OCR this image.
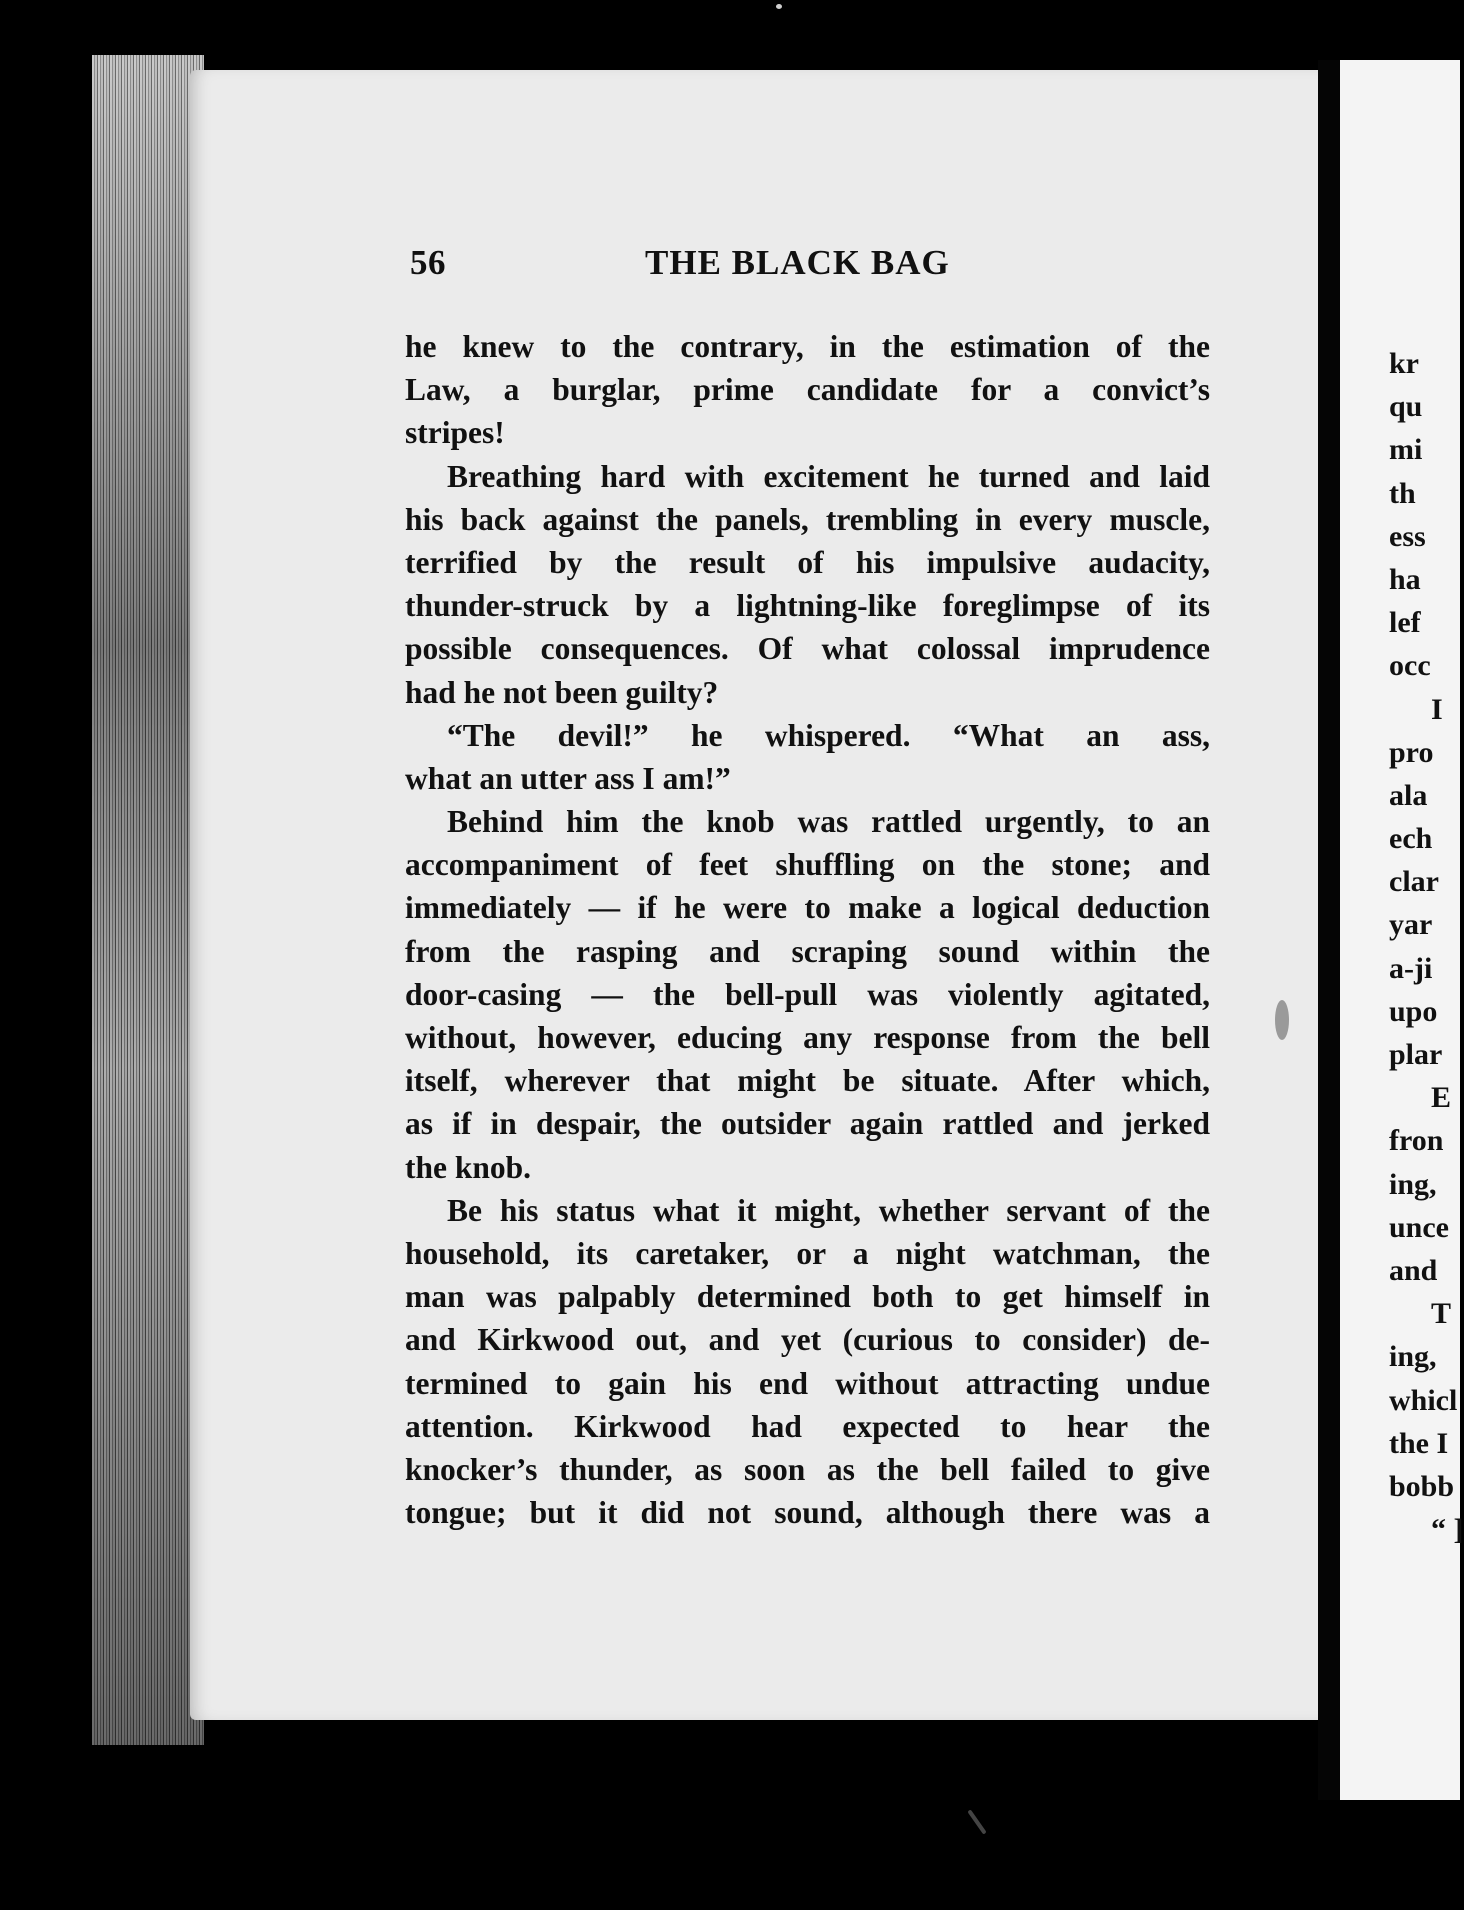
56	THE BLACK BAG
he knew to the contrary, in the estimation of the
Law, a burglar, prime candidate for a convict’s
stripes!
Breathing hard with excitement he turned and laid
his back against the panels, trembling in every muscle,
terrified by the result of his impulsive audacity,
thunder-struck by a lightning-like foreglimpse of its
possible consequences. Of what colossal imprudence
had he not been guilty?
“The devil!” he whispered. “What an ass,
what an utter ass I am!”
Behind him the knob was rattled urgently, to an
accompaniment of feet shuffling on the stone; and
immediately — if he were to make a logical deduction
from the rasping and scraping sound within the
door-casing — the bell-pull was violently agitated,
without, however, educing any response from the bell
itself, wherever that might be situate. After which,
as if in despair, the outsider again rattled and jerked
the knob.
Be his status what it might, whether servant of the
household, its caretaker, or a night watchman, the
man was palpably determined both to get himself in
and Kirkwood out, and yet (curious to consider) de-
termined to gain his end without attracting undue
attention. Kirkwood had expected to hear the
knocker’s thunder, as soon as the bell failed to give
tongue; but it did not sound, although there was a
kr
qu
mi
th
ess
ha
lef
occ
I
pro
ala
ech
clar
yar
a-ji
upo
plar
E
fron
ing,
unce
and
T
ing,
whicl
the I
bobb
“ ]
